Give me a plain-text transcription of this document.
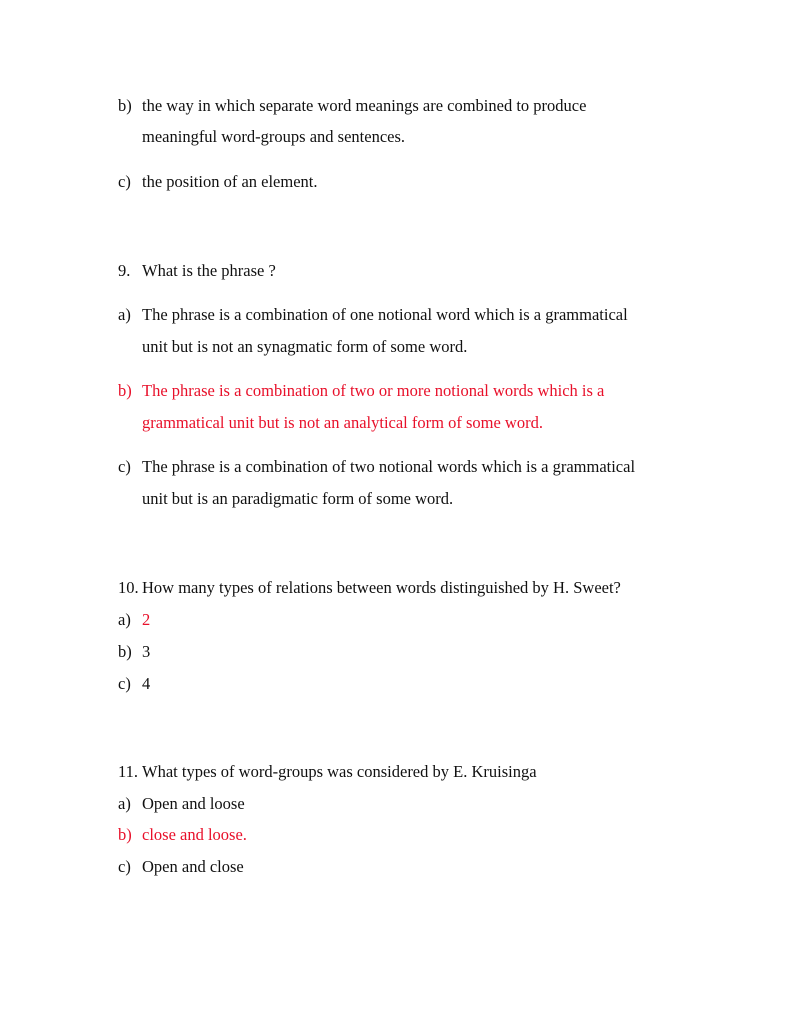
b) the way in which separate word meanings are combined to produce
meaningful word-groups and sentences.
c) the position of an element.
9. What is the phrase ?
a) The phrase is a combination of one notional word which is a grammatical
unit but is not an synagmatic form of some word.
b) The phrase is a combination of two or more notional words which is a
grammatical unit but is not an analytical form of some word.
c) The phrase is a combination of two notional words which is a grammatical
unit but is an paradigmatic form of some word.
10. How many types of relations between words distinguished by H. Sweet?
a) 2
b) 3
c) 4
11. What types of word-groups was considered by E. Kruisinga
a) Open and loose
b) close and loose.
c) Open and close
